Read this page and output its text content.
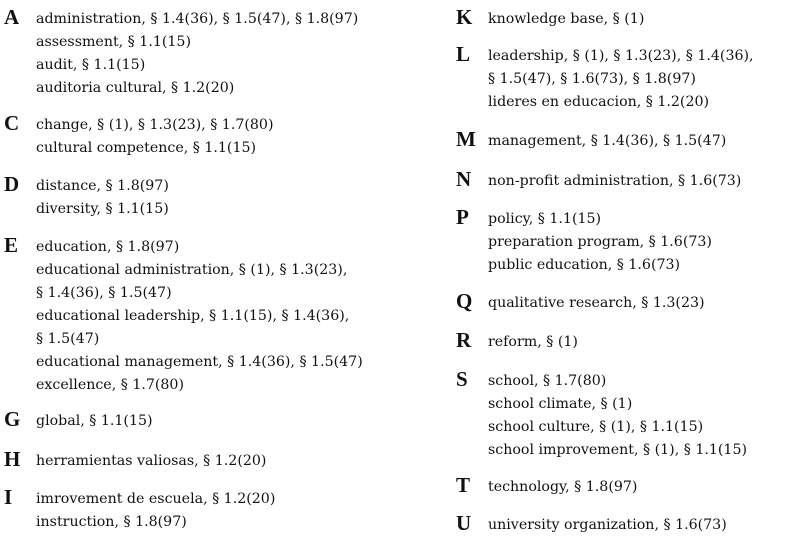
A administration, § 1.4(36), § 1.5(47), § 1.8(97)
assessment, § 1.1(15)
audit, § 1.1(15)
auditoria cultural, § 1.2(20)
C change, § (1), § 1.3(23), § 1.7(80)
cultural competence, § 1.1(15)
D distance, § 1.8(97)
diversity, § 1.1(15)
E education, § 1.8(97)
educational administration, § (1), § 1.3(23),
§ 1.4(36), § 1.5(47)
educational leadership, § 1.1(15), § 1.4(36),
§ 1.5(47)
educational management, § 1.4(36), § 1.5(47)
excellence, § 1.7(80)
G global, § 1.1(15)
H herramientas valiosas, § 1.2(20)
I imrovement de escuela, § 1.2(20)
instruction, § 1.8(97)
K knowledge base, § (1)
L leadership, § (1), § 1.3(23), § 1.4(36),
§ 1.5(47), § 1.6(73), § 1.8(97)
lideres en educacion, § 1.2(20)
M management, § 1.4(36), § 1.5(47)
N non-profit administration, § 1.6(73)
P policy, § 1.1(15)
preparation program, § 1.6(73)
public education, § 1.6(73)
Q qualitative research, § 1.3(23)
R reform, § (1)
S school, § 1.7(80)
school climate, § (1)
school culture, § (1), § 1.1(15)
school improvement, § (1), § 1.1(15)
T technology, § 1.8(97)
U university organization, § 1.6(73)
